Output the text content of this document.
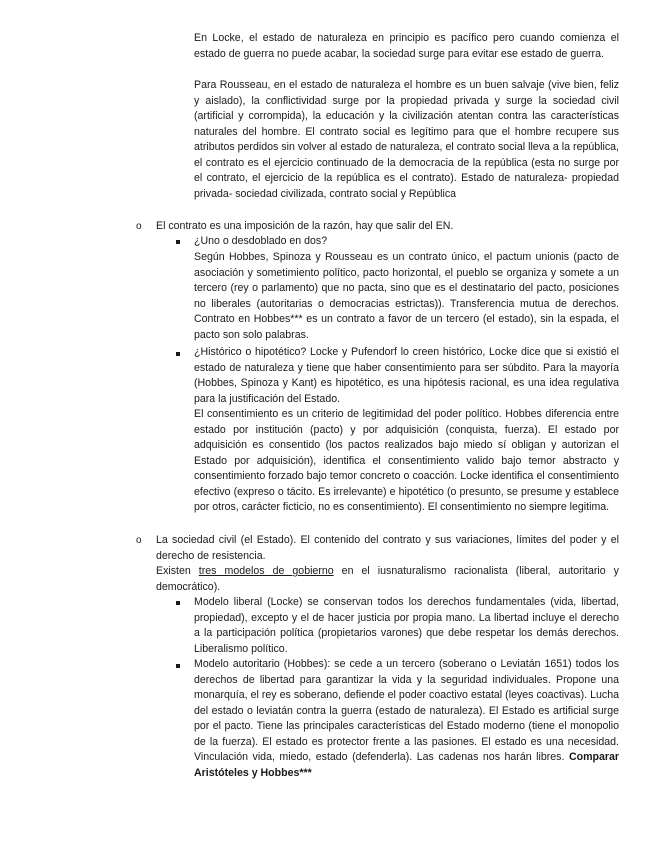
En Locke, el estado de naturaleza en principio es pacífico pero cuando comienza el estado de guerra no puede acabar, la sociedad surge para evitar ese estado de guerra.
Para Rousseau, en el estado de naturaleza el hombre es un buen salvaje (vive bien, feliz y aislado), la conflictividad surge por la propiedad privada y surge la sociedad civil (artificial y corrompida), la educación y la civilización atentan contra las características naturales del hombre. El contrato social es legítimo para que el hombre recupere sus atributos perdidos sin volver al estado de naturaleza, el contrato social lleva a la república, el contrato es el ejercicio continuado de la democracia de la república (esta no surge por el contrato, el ejercicio de la república es el contrato). Estado de naturaleza- propiedad privada- sociedad civilizada, contrato social y República
o El contrato es una imposición de la razón, hay que salir del EN.
¿Uno o desdoblado en dos?
Según Hobbes, Spinoza y Rousseau es un contrato único, el pactum unionis (pacto de asociación y sometimiento político, pacto horizontal, el pueblo se organiza y somete a un tercero (rey o parlamento) que no pacta, sino que es el destinatario del pacto, posiciones no liberales (autoritarias o democracias estrictas)). Transferencia mutua de derechos. Contrato en Hobbes*** es un contrato a favor de un tercero (el estado), sin la espada, el pacto son solo palabras.
¿Histórico o hipotético? Locke y Pufendorf lo creen histórico, Locke dice que si existió el estado de naturaleza y tiene que haber consentimiento para ser súbdito. Para la mayoría (Hobbes, Spinoza y Kant) es hipotético, es una hipótesis racional, es una idea regulativa para la justificación del Estado.
El consentimiento es un criterio de legitimidad del poder político. Hobbes diferencia entre estado por institución (pacto) y por adquisición (conquista, fuerza). El estado por adquisición es consentido (los pactos realizados bajo miedo sí obligan y autorizan el Estado por adquisición), identifica el consentimiento valido bajo temor abstracto y consentimiento forzado bajo temor concreto o coacción. Locke identifica el consentimiento efectivo (expreso o tácito. Es irrelevante) e hipotético (o presunto, se presume y establece por otros, carácter ficticio, no es consentimiento). El consentimiento no siempre legitima.
o La sociedad civil (el Estado). El contenido del contrato y sus variaciones, límites del poder y el derecho de resistencia.
Existen tres modelos de gobierno en el iusnaturalismo racionalista (liberal, autoritario y democrático).
Modelo liberal (Locke) se conservan todos los derechos fundamentales (vida, libertad, propiedad), excepto y el de hacer justicia por propia mano. La libertad incluye el derecho a la participación política (propietarios varones) que debe respetar los demás derechos. Liberalismo político.
Modelo autoritario (Hobbes): se cede a un tercero (soberano o Leviatán 1651) todos los derechos de libertad para garantizar la vida y la seguridad individuales. Propone una monarquía, el rey es soberano, defiende el poder coactivo estatal (leyes coactivas). Lucha del estado o leviatán contra la guerra (estado de naturaleza). El Estado es artificial surge por el pacto. Tiene las principales características del Estado moderno (tiene el monopolio de la fuerza). El estado es protector frente a las pasiones. El estado es una necesidad. Vinculación vida, miedo, estado (defenderla). Las cadenas nos harán libres. Comparar Aristóteles y Hobbes***
